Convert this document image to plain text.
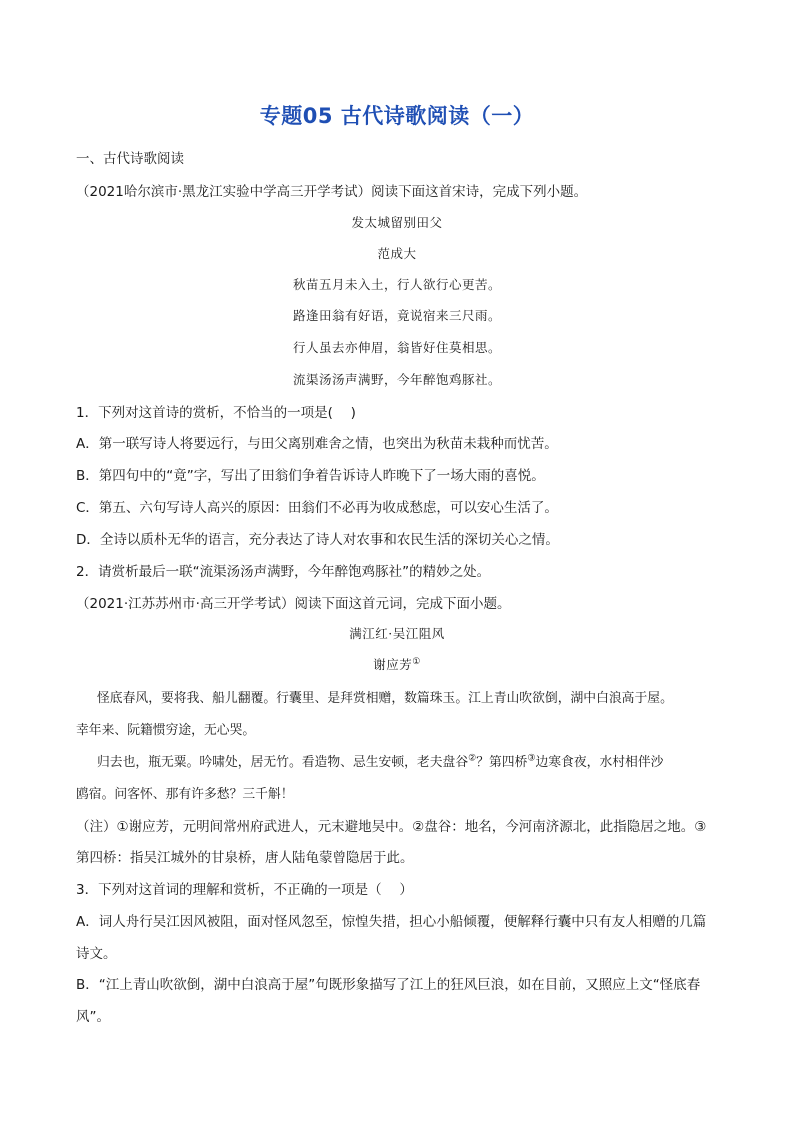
专题05 古代诗歌阅读（一）
一、古代诗歌阅读
（2021哈尔滨市·黑龙江实验中学高三开学考试）阅读下面这首宋诗，完成下列小题。
发太城留别田父
范成大
秋苗五月未入土，行人欲行心更苦。
路逢田翁有好语，竟说宿来三尺雨。
行人虽去亦伸眉，翁皆好住莫相思。
流渠汤汤声满野，今年醉饱鸡豚社。
1．下列对这首诗的赏析，不恰当的一项是(　 )
A．第一联写诗人将要远行，与田父离别难舍之情，也突出为秋苗未栽种而忧苦。
B．第四句中的“竟”字，写出了田翁们争着告诉诗人昨晚下了一场大雨的喜悦。
C．第五、六句写诗人高兴的原因：田翁们不必再为收成愁虑，可以安心生活了。
D．全诗以质朴无华的语言，充分表达了诗人对农事和农民生活的深切关心之情。
2．请赏析最后一联“流渠汤汤声满野，今年醉饱鸡豚社”的精妙之处。
（2021·江苏苏州市·高三开学考试）阅读下面这首元词，完成下面小题。
满江红·吴江阻风
谢应芳①
怪底春风，要将我、船儿翻覆。行囊里、是拜赏相赠，数篇珠玉。江上青山吹欲倒，湖中白浪高于屋。
幸年来、阮籍惯穷途，无心哭。
归去也，瓶无粟。吟啸处，居无竹。看造物、忌生安顿，老夫盘谷②？第四桥③边寒食夜，水村相伴沙
鸥宿。问客怀、那有许多愁？三千斛！
（注）①谢应芳，元明间常州府武进人，元末避地吴中。②盘谷：地名，今河南济源北，此指隐居之地。③
第四桥：指吴江城外的甘泉桥，唐人陆龟蒙曾隐居于此。
3．下列对这首词的理解和赏析，不正确的一项是（　 ）
A．词人舟行吴江因风被阻，面对怪风忽至，惊惶失措，担心小船倾覆，便解释行囊中只有友人相赠的几篇
诗文。
B．“江上青山吹欲倒，湖中白浪高于屋”句既形象描写了江上的狂风巨浪，如在目前，又照应上文“怪底春
风”。
